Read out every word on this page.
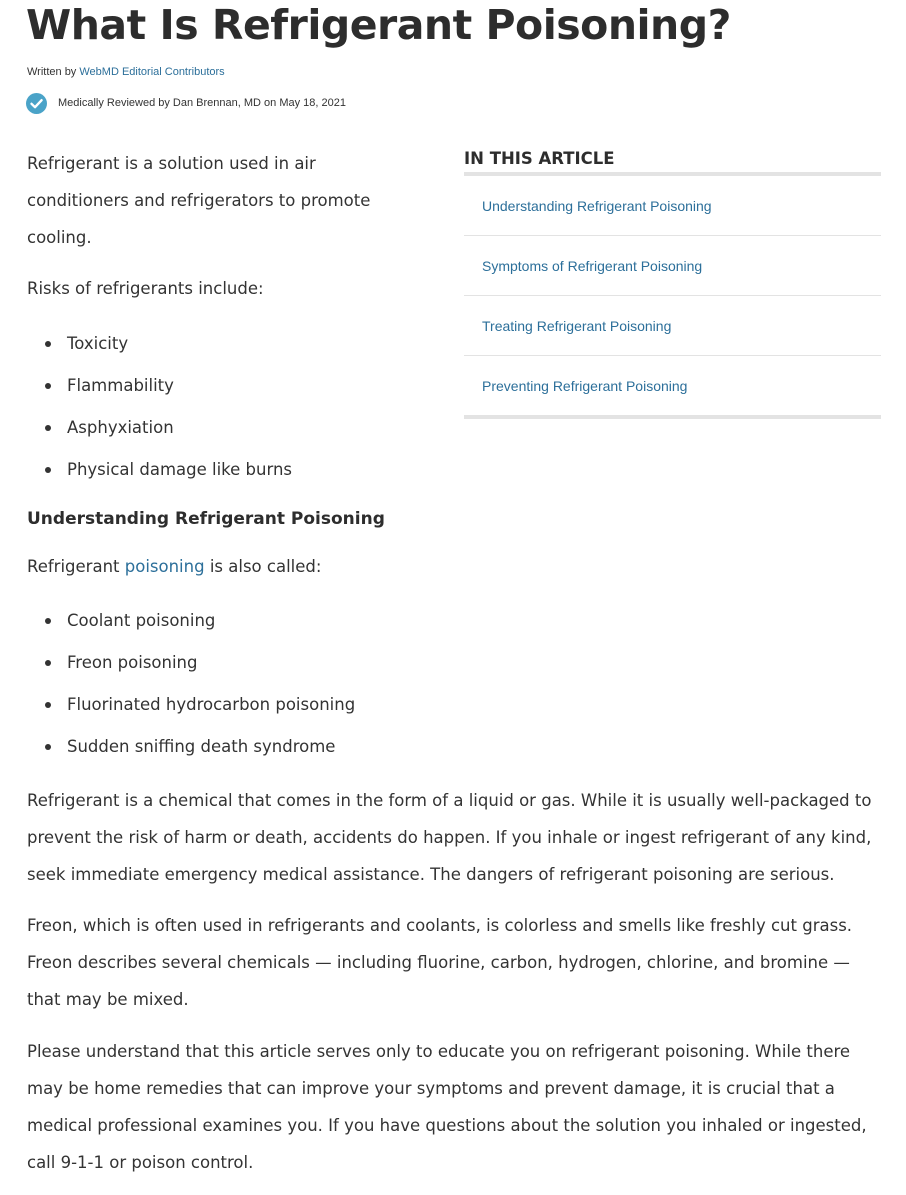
What Is Refrigerant Poisoning?
Written by WebMD Editorial Contributors
Medically Reviewed by Dan Brennan, MD on May 18, 2021

Refrigerant is a solution used in air conditioners and refrigerators to promote cooling.

Risks of refrigerants include:

Toxicity
Flammability
Asphyxiation
Physical damage like burns
Understanding Refrigerant Poisoning

Refrigerant poisoning is also called:

Coolant poisoning
Freon poisoning
Fluorinated hydrocarbon poisoning
Sudden sniffing death syndrome

Refrigerant is a chemical that comes in the form of a liquid or gas. While it is usually well-packaged to prevent the risk of harm or death, accidents do happen. If you inhale or ingest refrigerant of any kind, seek immediate emergency medical assistance. The dangers of refrigerant poisoning are serious.

Freon, which is often used in refrigerants and coolants, is colorless and smells like freshly cut grass. Freon describes several chemicals — including fluorine, carbon, hydrogen, chlorine, and bromine — that may be mixed.

Please understand that this article serves only to educate you on refrigerant poisoning. While there may be home remedies that can improve your symptoms and prevent damage, it is crucial that a medical professional examines you. If you have questions about the solution you inhaled or ingested, call 9-1-1 or poison control.

IN THIS ARTICLE
Understanding Refrigerant Poisoning
Symptoms of Refrigerant Poisoning
Treating Refrigerant Poisoning
Preventing Refrigerant Poisoning
